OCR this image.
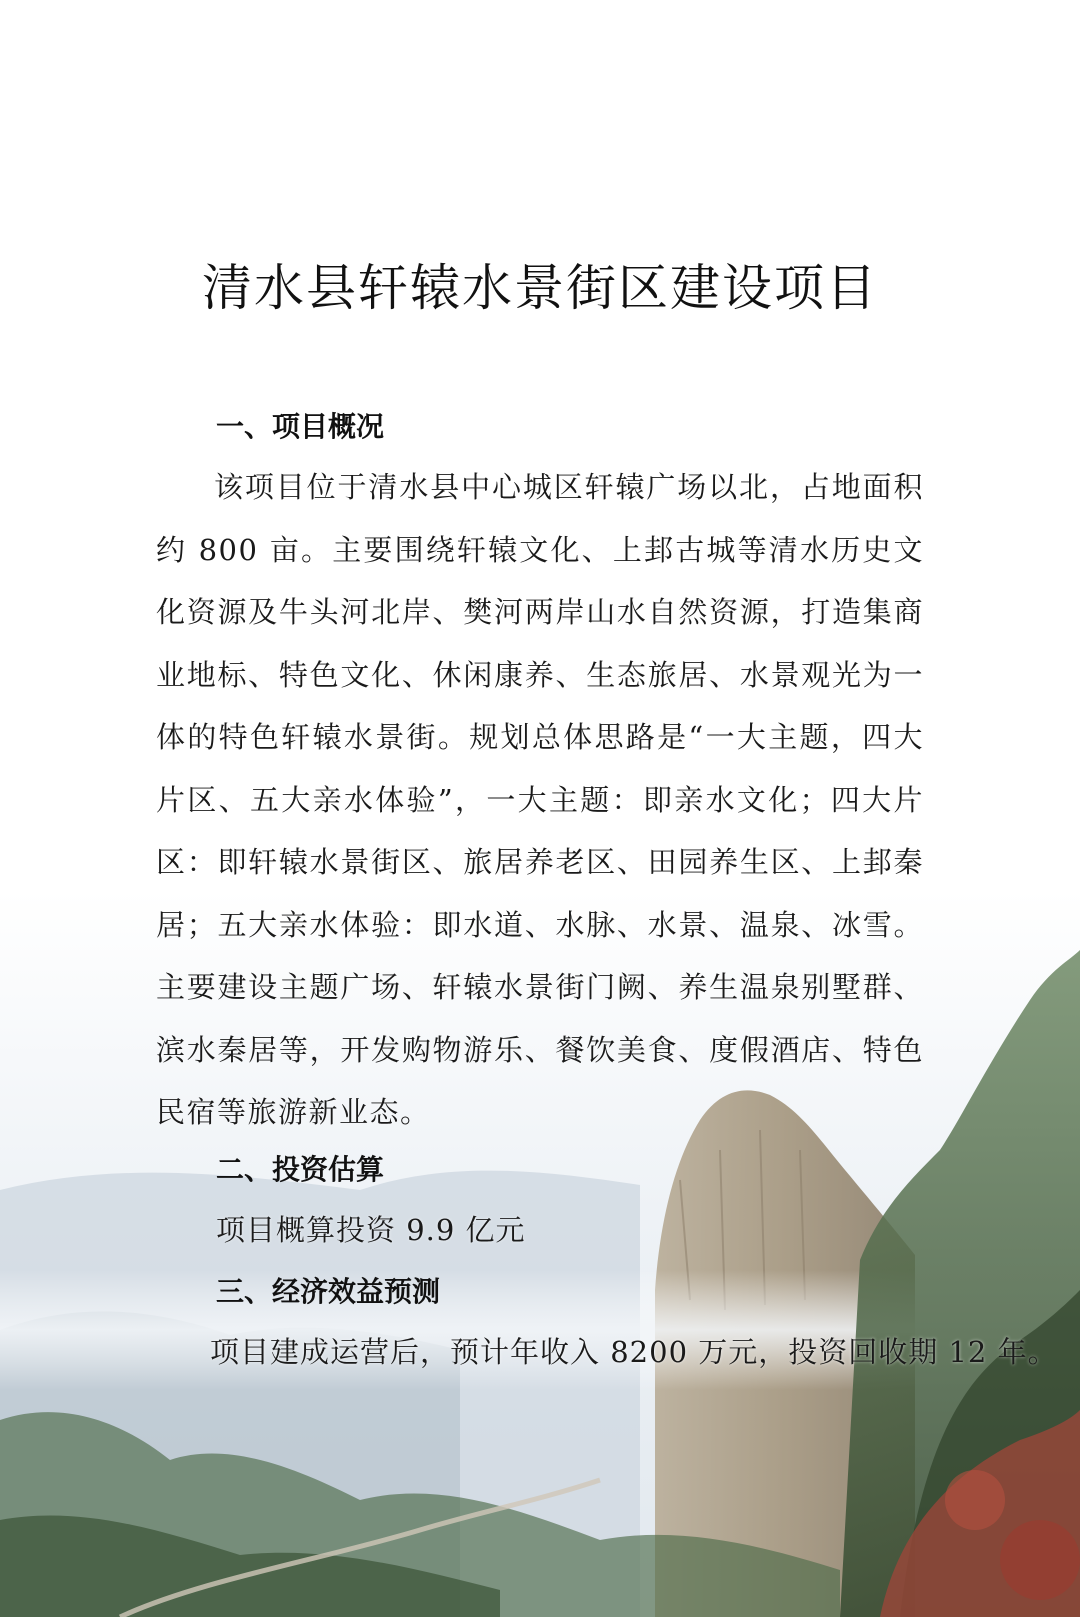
清水县轩辕水景街区建设项目
一、项目概况
该项目位于清水县中心城区轩辕广场以北，占地面积约 800 亩。主要围绕轩辕文化、上邽古城等清水历史文化资源及牛头河北岸、樊河两岸山水自然资源，打造集商业地标、特色文化、休闲康养、生态旅居、水景观光为一体的特色轩辕水景街。规划总体思路是“一大主题，四大片区、五大亲水体验”，一大主题：即亲水文化；四大片区：即轩辕水景街区、旅居养老区、田园养生区、上邽秦居；五大亲水体验：即水道、水脉、水景、温泉、冰雪。主要建设主题广场、轩辕水景街门阙、养生温泉别墅群、滨水秦居等，开发购物游乐、餐饮美食、度假酒店、特色民宿等旅游新业态。
二、投资估算
项目概算投资 9.9 亿元
三、经济效益预测
项目建成运营后，预计年收入 8200 万元，投资回收期 12 年。
